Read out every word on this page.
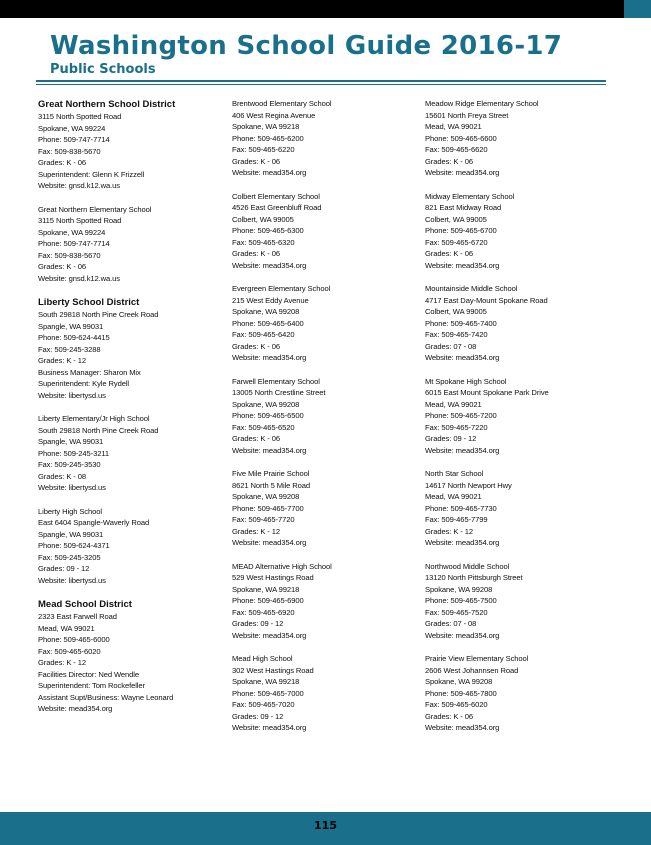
Washington School Guide 2016-17
Public Schools
Great Northern School District
3115 North Spotted Road
Spokane, WA 99224
Phone: 509-747-7714
Fax: 509-838-5670
Grades: K - 06
Superintendent: Glenn K Frizzell
Website: gnsd.k12.wa.us
Great Northern Elementary School
3115 North Spotted Road
Spokane, WA 99224
Phone: 509-747-7714
Fax: 509-838-5670
Grades: K - 06
Website: gnsd.k12.wa.us
Liberty School District
South 29818 North Pine Creek Road
Spangle, WA 99031
Phone: 509-624-4415
Fax: 509-245-3288
Grades: K - 12
Business Manager: Sharon Mix
Superintendent: Kyle Rydell
Website: libertysd.us
Liberty Elementary/Jr High School
South 29818 North Pine Creek Road
Spangle, WA 99031
Phone: 509-245-3211
Fax: 509-245-3530
Grades: K - 08
Website: libertysd.us
Liberty High School
East 6404 Spangle-Waverly Road
Spangle, WA 99031
Phone: 509-624-4371
Fax: 509-245-3205
Grades: 09 - 12
Website: libertysd.us
Mead School District
2323 East Farwell Road
Mead, WA 99021
Phone: 509-465-6000
Fax: 509-465-6020
Grades: K - 12
Facilities Director: Ned Wendle
Superintendent: Tom Rockefeller
Assistant Supt/Business: Wayne Leonard
Website: mead354.org
Brentwood Elementary School
406 West Regina Avenue
Spokane, WA 99218
Phone: 509-465-6200
Fax: 509-465-6220
Grades: K - 06
Website: mead354.org
Colbert Elementary School
4526 East Greenbluff Road
Colbert, WA 99005
Phone: 509-465-6300
Fax: 509-465-6320
Grades: K - 06
Website: mead354.org
Evergreen Elementary School
215 West Eddy Avenue
Spokane, WA 99208
Phone: 509-465-6400
Fax: 509-465-6420
Grades: K - 06
Website: mead354.org
Farwell Elementary School
13005 North Crestline Street
Spokane, WA 99208
Phone: 509-465-6500
Fax: 509-465-6520
Grades: K - 06
Website: mead354.org
Five Mile Prairie School
8621 North 5 Mile Road
Spokane, WA 99208
Phone: 509-465-7700
Fax: 509-465-7720
Grades: K - 12
Website: mead354.org
MEAD Alternative High School
529 West Hastings Road
Spokane, WA 99218
Phone: 509-465-6900
Fax: 509-465-6920
Grades: 09 - 12
Website: mead354.org
Mead High School
302 West Hastings Road
Spokane, WA 99218
Phone: 509-465-7000
Fax: 509-465-7020
Grades: 09 - 12
Website: mead354.org
Meadow Ridge Elementary School
15601 North Freya Street
Mead, WA 99021
Phone: 509-465-6600
Fax: 509-465-6620
Grades: K - 06
Website: mead354.org
Midway Elementary School
821 East Midway Road
Colbert, WA 99005
Phone: 509-465-6700
Fax: 509-465-6720
Grades: K - 06
Website: mead354.org
Mountainside Middle School
4717 East Day-Mount Spokane Road
Colbert, WA 99005
Phone: 509-465-7400
Fax: 509-465-7420
Grades: 07 - 08
Website: mead354.org
Mt Spokane High School
6015 East Mount Spokane Park Drive
Mead, WA 99021
Phone: 509-465-7200
Fax: 509-465-7220
Grades: 09 - 12
Website: mead354.org
North Star School
14617 North Newport Hwy
Mead, WA 99021
Phone: 509-465-7730
Fax: 509-465-7799
Grades: K - 12
Website: mead354.org
Northwood Middle School
13120 North Pittsburgh Street
Spokane, WA 99208
Phone: 509-465-7500
Fax: 509-465-7520
Grades: 07 - 08
Website: mead354.org
Prairie View Elementary School
2606 West Johannsen Road
Spokane, WA 99208
Phone: 509-465-7800
Fax: 509-465-6020
Grades: K - 06
Website: mead354.org
115
